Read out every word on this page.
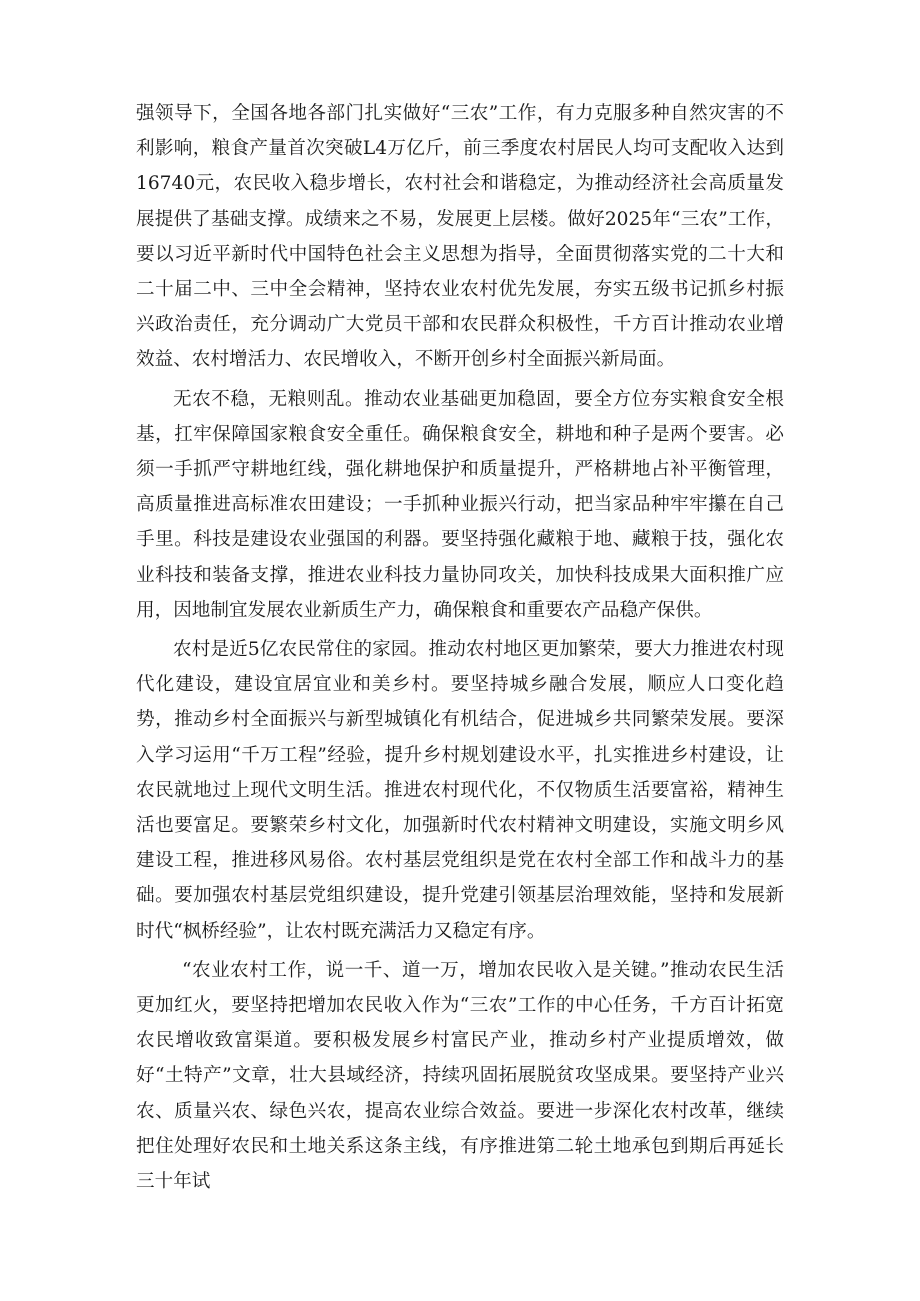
强领导下，全国各地各部门扎实做好“三农”工作，有力克服多种自然灾害的不利影响，粮食产量首次突破L4万亿斤，前三季度农村居民人均可支配收入达到16740元，农民收入稳步增长，农村社会和谐稳定，为推动经济社会高质量发展提供了基础支撑。成绩来之不易，发展更上层楼。做好2025年“三农”工作，要以习近平新时代中国特色社会主义思想为指导，全面贯彻落实党的二十大和二十届二中、三中全会精神，坚持农业农村优先发展，夯实五级书记抓乡村振兴政治责任，充分调动广大党员干部和农民群众积极性，千方百计推动农业增效益、农村增活力、农民增收入，不断开创乡村全面振兴新局面。

无农不稳，无粮则乱。推动农业基础更加稳固，要全方位夯实粮食安全根基，扛牢保障国家粮食安全重任。确保粮食安全，耕地和种子是两个要害。必须一手抓严守耕地红线，强化耕地保护和质量提升，严格耕地占补平衡管理，高质量推进高标准农田建设；一手抓种业振兴行动，把当家品种牢牢攥在自己手里。科技是建设农业强国的利器。要坚持强化藏粮于地、藏粮于技，强化农业科技和装备支撑，推进农业科技力量协同攻关，加快科技成果大面积推广应用，因地制宜发展农业新质生产力，确保粮食和重要农产品稳产保供。

农村是近5亿农民常住的家园。推动农村地区更加繁荣，要大力推进农村现代化建设，建设宜居宜业和美乡村。要坚持城乡融合发展，顺应人口变化趋势，推动乡村全面振兴与新型城镇化有机结合，促进城乡共同繁荣发展。要深入学习运用“千万工程”经验，提升乡村规划建设水平，扎实推进乡村建设，让农民就地过上现代文明生活。推进农村现代化，不仅物质生活要富裕，精神生活也要富足。要繁荣乡村文化，加强新时代农村精神文明建设，实施文明乡风建设工程，推进移风易俗。农村基层党组织是党在农村全部工作和战斗力的基础。要加强农村基层党组织建设，提升党建引领基层治理效能，坚持和发展新时代“枫桥经验”，让农村既充满活力又稳定有序。

“农业农村工作，说一千、道一万，增加农民收入是关键。”推动农民生活更加红火，要坚持把增加农民收入作为“三农”工作的中心任务，千方百计拓宽农民增收致富渠道。要积极发展乡村富民产业，推动乡村产业提质增效，做好“土特产”文章，壮大县域经济，持续巩固拓展脱贫攻坚成果。要坚持产业兴农、质量兴农、绿色兴农，提高农业综合效益。要进一步深化农村改革，继续把住处理好农民和土地关系这条主线，有序推进第二轮土地承包到期后再延长三十年试
